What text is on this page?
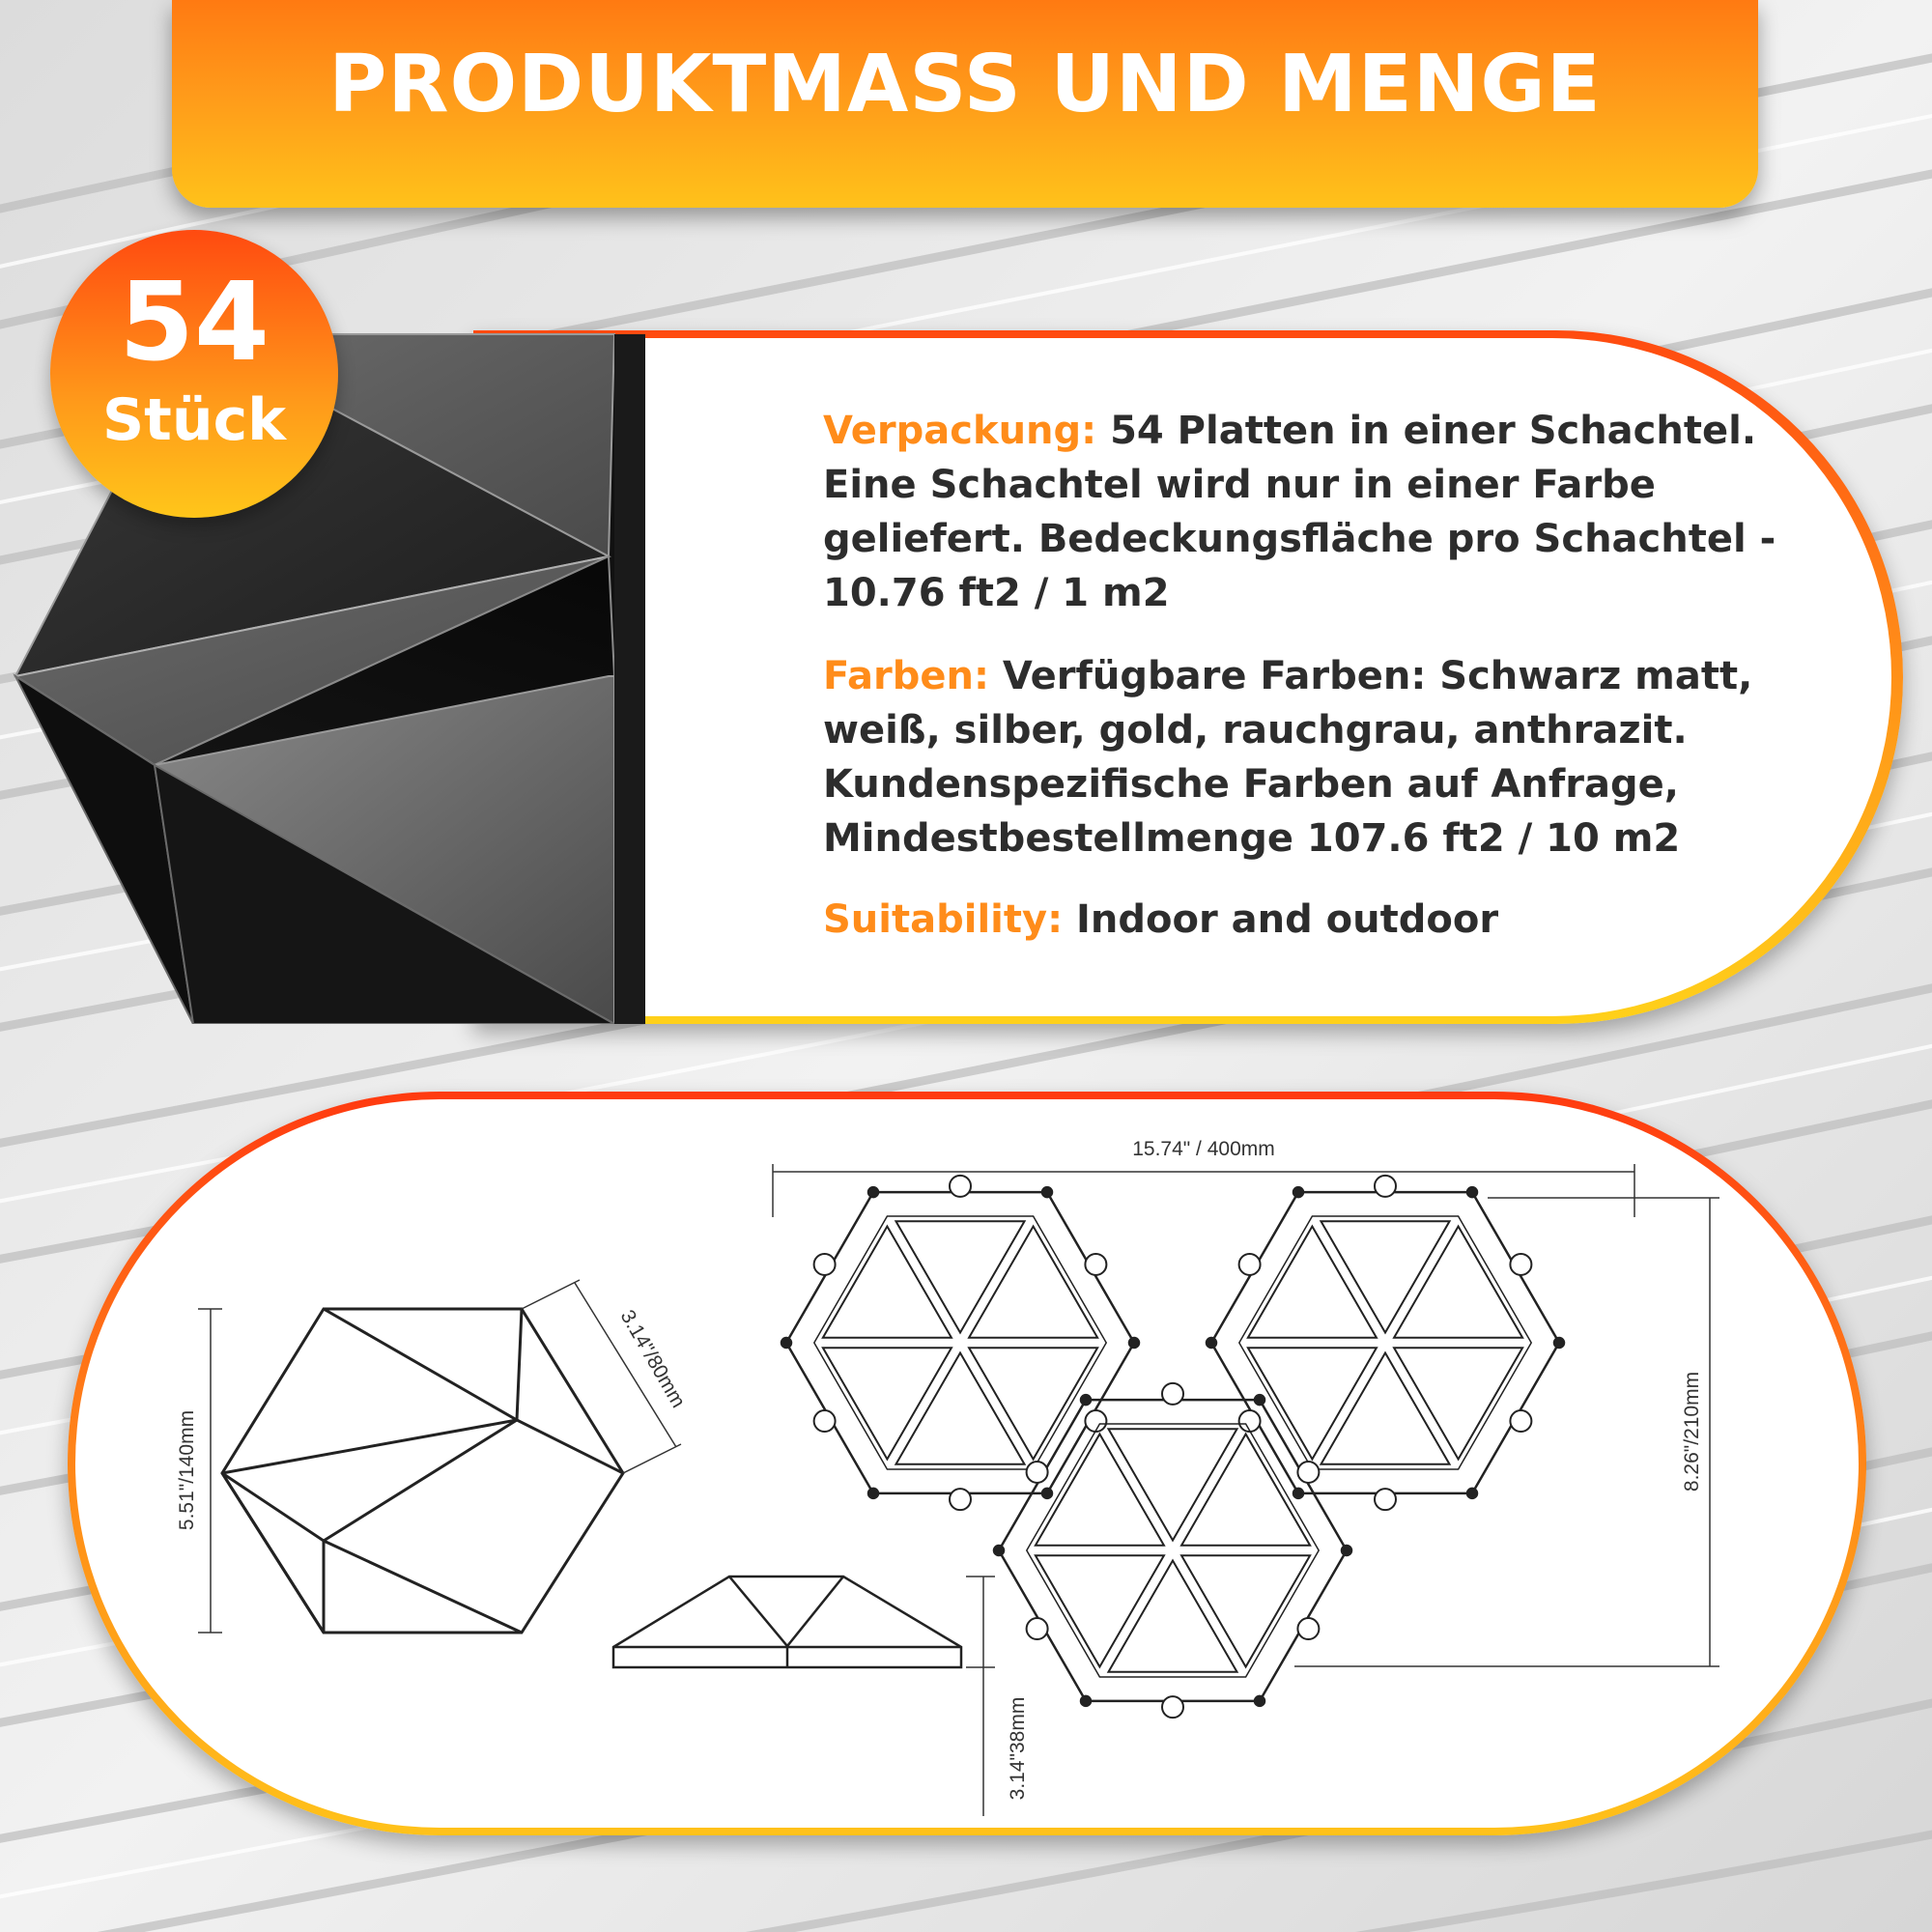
PRODUKTMASS UND MENGE
54
Stück	Verpackung: 54 Platten in einer Schachtel. Eine Schachtel wird nur in einer Farbe geliefert. Bedeckungsfläche pro Schachtel - 10.76 ft2 / 1 m2
Farben: Verfügbare Farben: Schwarz matt, weiß, silber, gold, rauchgrau, anthrazit. Kundenspezifische Farben auf Anfrage, Mindestbestellmenge 107.6 ft2 / 10 m2
Suitability: Indoor and outdoor
5.51"/140mm
3.14"/80mm
3.14"38mm
15.74" / 400mm
8.26"/210mm
